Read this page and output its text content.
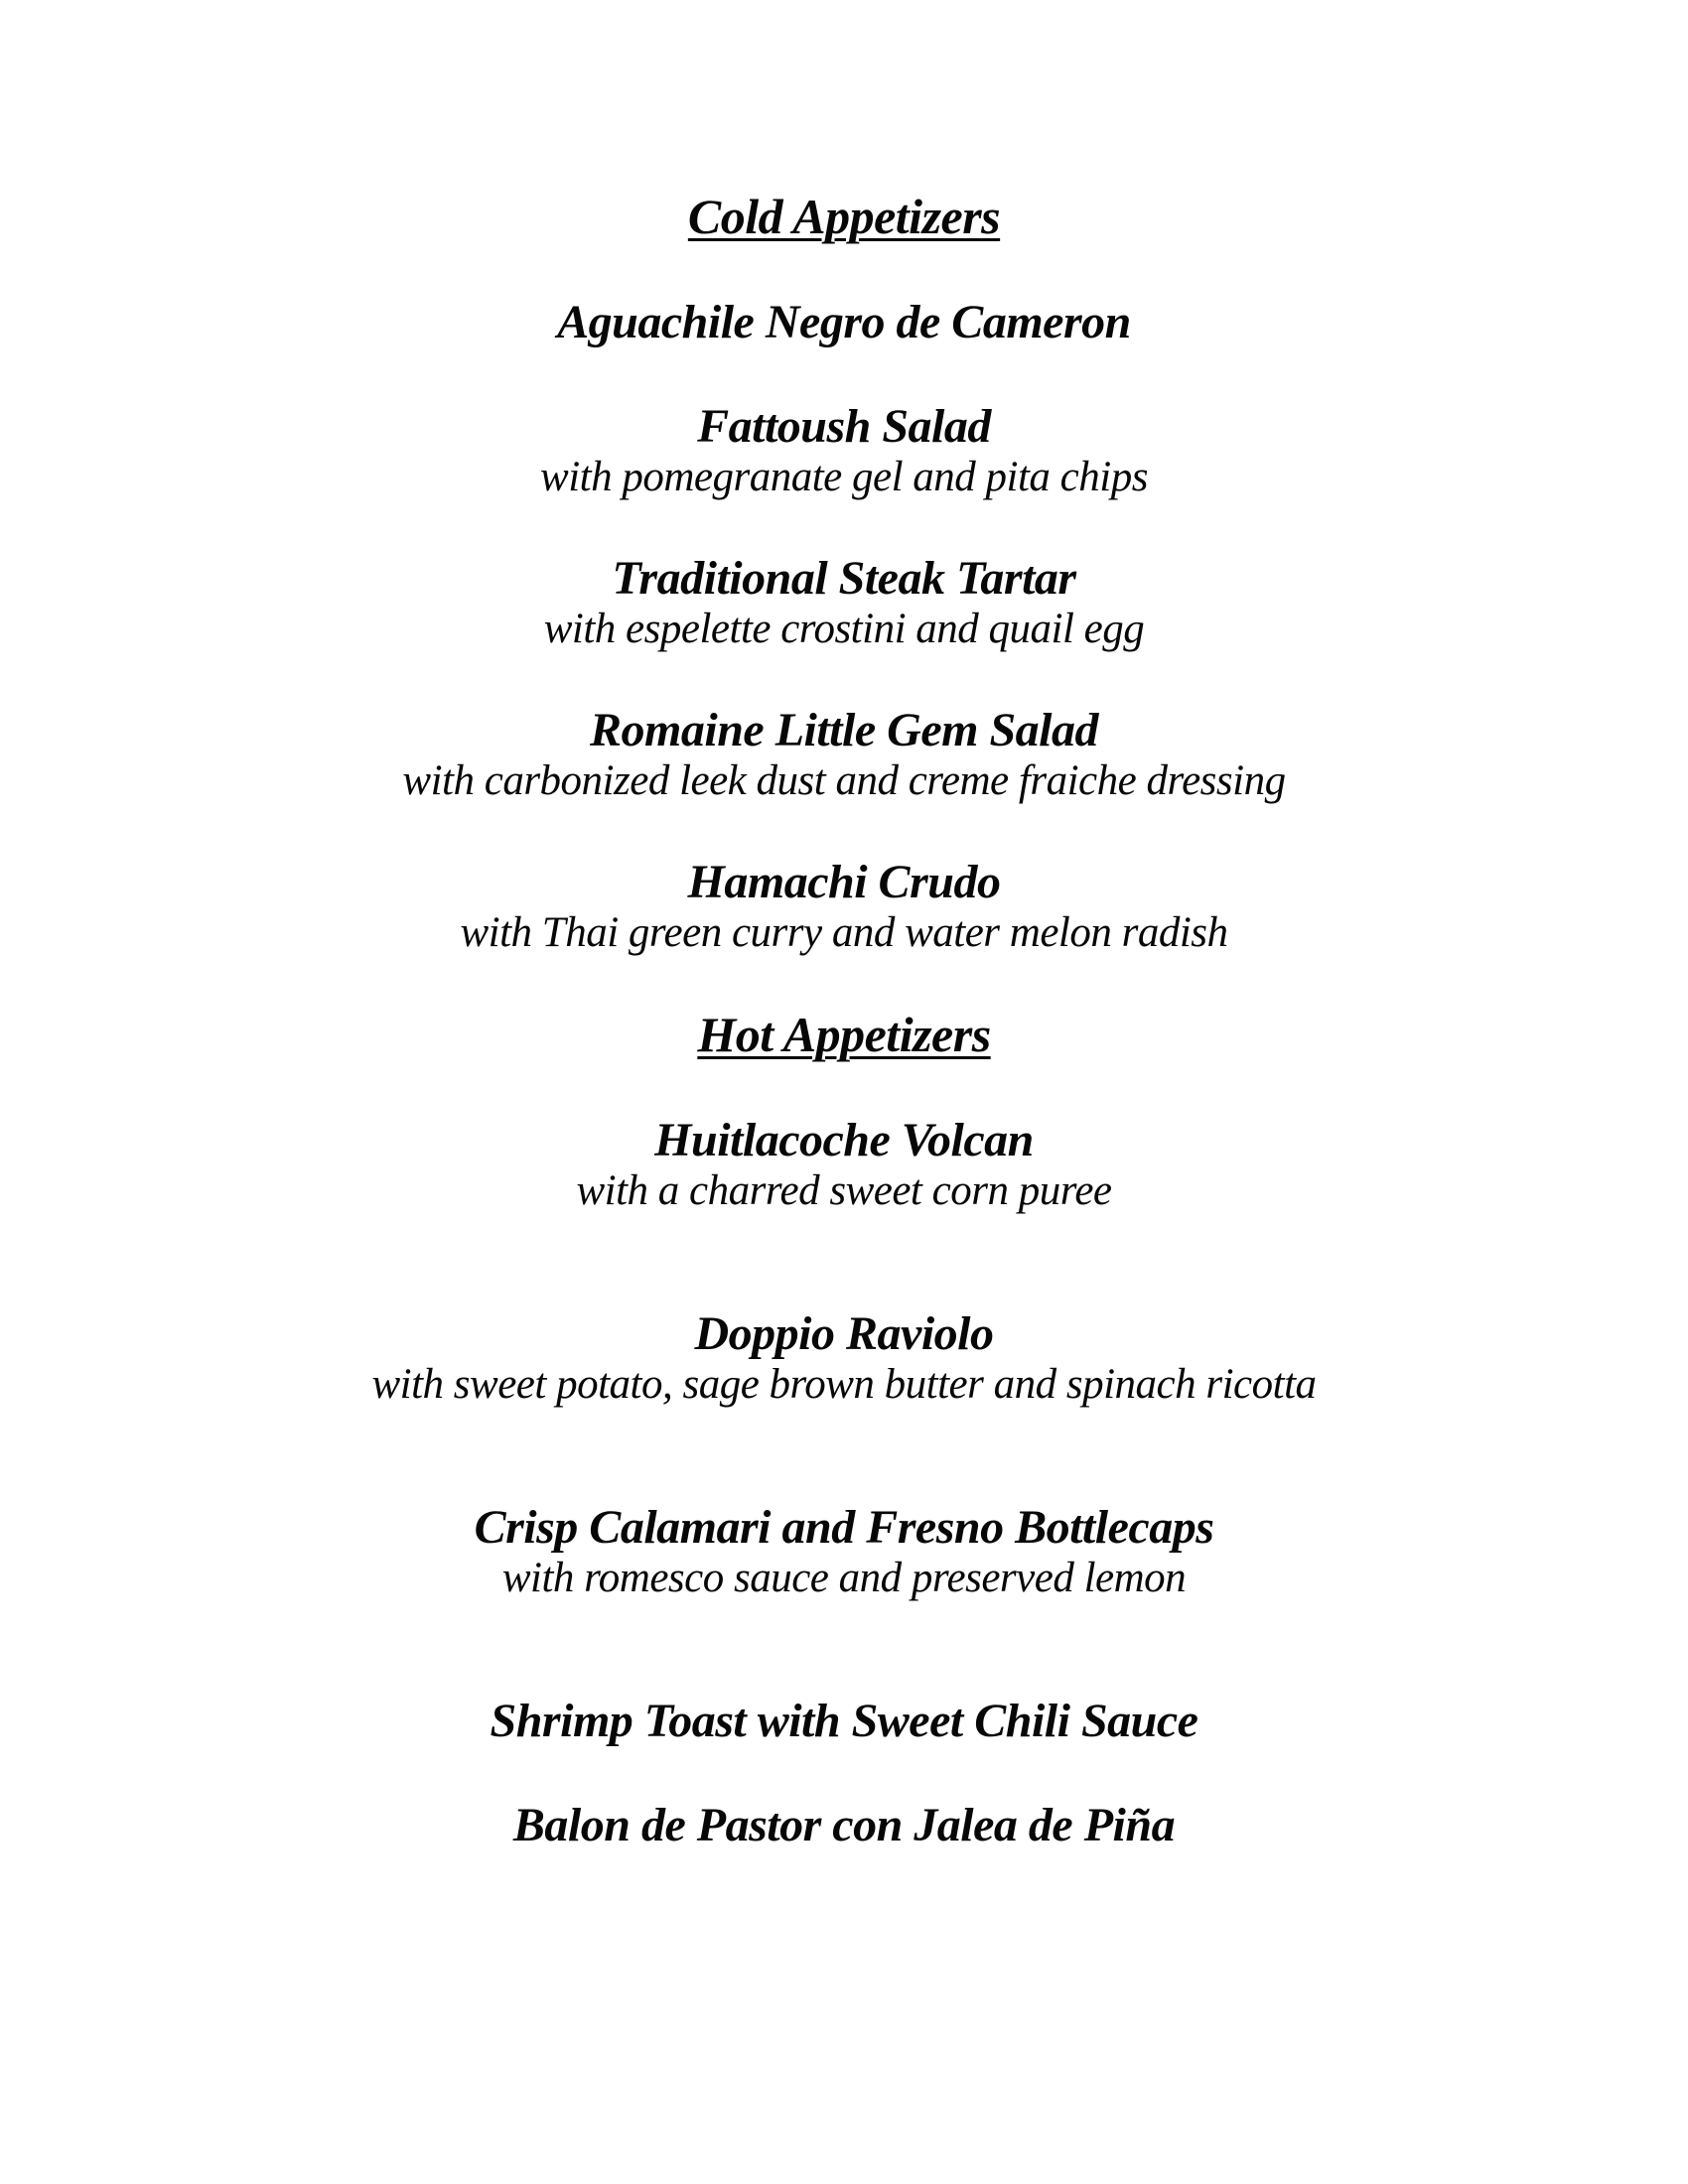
Cold Appetizers
Aguachile Negro de Cameron
Fattoush Salad
with pomegranate gel and pita chips
Traditional Steak Tartar
with espelette crostini and quail egg
Romaine Little Gem Salad
with carbonized leek dust and creme fraiche dressing
Hamachi Crudo
with Thai green curry and water melon radish
Hot Appetizers
Huitlacoche Volcan
with a charred sweet corn puree
Doppio Raviolo
with sweet potato, sage brown butter and spinach ricotta
Crisp Calamari and Fresno Bottlecaps
with romesco sauce and preserved lemon
Shrimp Toast with Sweet Chili Sauce
Balon de Pastor con Jalea de Piña
